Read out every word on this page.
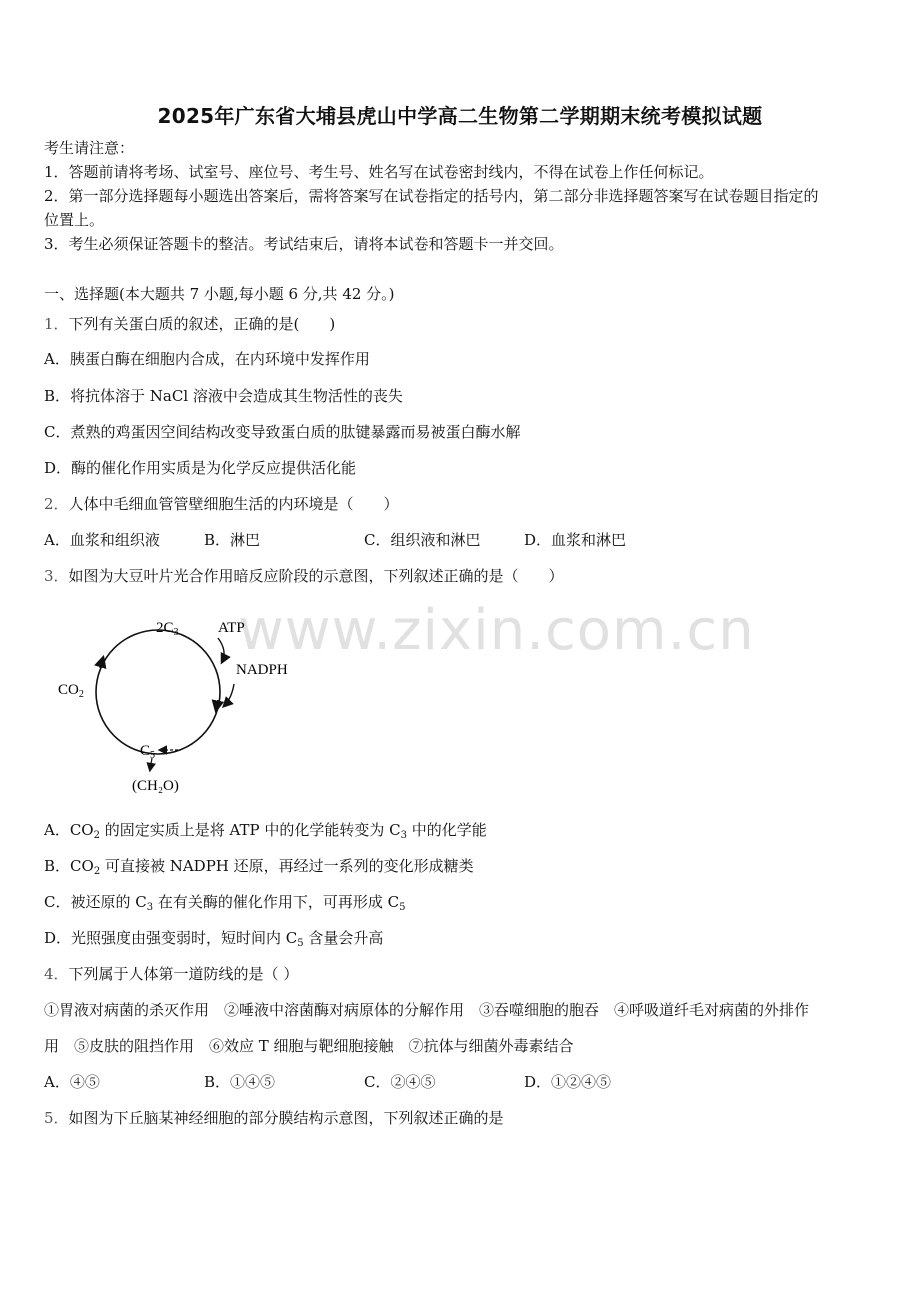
www.zixin.com.cn
2025年广东省大埔县虎山中学高二生物第二学期期末统考模拟试题
考生请注意：
1．答题前请将考场、试室号、座位号、考生号、姓名写在试卷密封线内，不得在试卷上作任何标记。
2．第一部分选择题每小题选出答案后，需将答案写在试卷指定的括号内，第二部分非选择题答案写在试卷题目指定的
位置上。
3．考生必须保证答题卡的整洁。考试结束后，请将本试卷和答题卡一并交回。
一、选择题(本大题共 7 小题,每小题 6 分,共 42 分。)
1．下列有关蛋白质的叙述，正确的是(　　)
A．胰蛋白酶在细胞内合成，在内环境中发挥作用
B．将抗体溶于 NaCl 溶液中会造成其生物活性的丧失
C．煮熟的鸡蛋因空间结构改变导致蛋白质的肽键暴露而易被蛋白酶水解
D．酶的催化作用实质是为化学反应提供活化能
2．人体中毛细血管管壁细胞生活的内环境是（　　）
A．血浆和组织液	B．淋巴	C．组织液和淋巴	D．血浆和淋巴
3．如图为大豆叶片光合作用暗反应阶段的示意图，下列叙述正确的是（　　）
$2C_3$	ATP
NADPH
$CO_2$
$C_5$
(CH₂O)
A．$CO_2$ 的固定实质上是将 ATP 中的化学能转变为 $C_3$ 中的化学能
B．$CO_2$ 可直接被 NADPH 还原，再经过一系列的变化形成糖类
C．被还原的 $C_3$ 在有关酶的催化作用下，可再形成 $C_5$
D．光照强度由强变弱时，短时间内 $C_5$ 含量会升高
4．下列属于人体第一道防线的是（ ）
①胃液对病菌的杀灭作用　②唾液中溶菌酶对病原体的分解作用　③吞噬细胞的胞吞　④呼吸道纤毛对病菌的外排作
用　⑤皮肤的阻挡作用　⑥效应 T 细胞与靶细胞接触　⑦抗体与细菌外毒素结合
A．④⑤	B．①④⑤	C．②④⑤	D．①②④⑤
5．如图为下丘脑某神经细胞的部分膜结构示意图，下列叙述正确的是
